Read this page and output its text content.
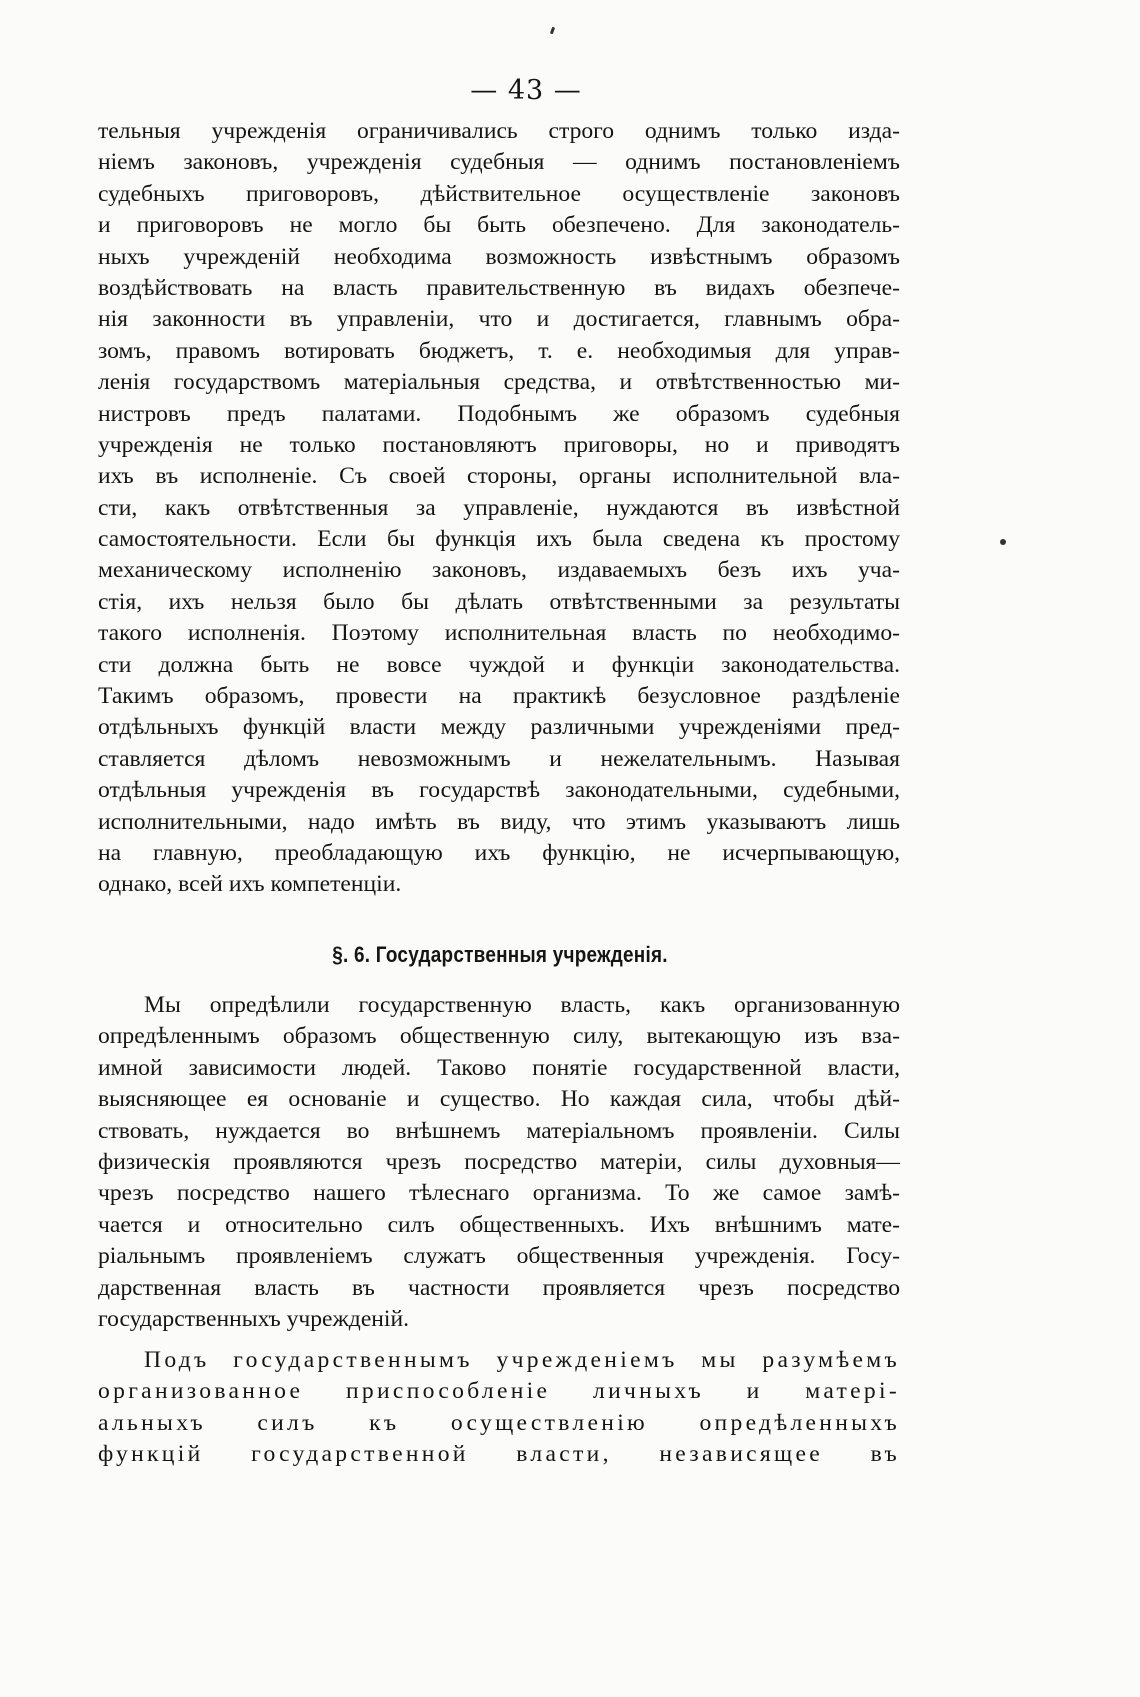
— 43 —
тельныя учрежденія ограничивались строго однимъ только изда-
ніемъ законовъ, учрежденія судебныя — однимъ постановленіемъ
судебныхъ приговоровъ, дѣйствительное осуществленіе законовъ
и приговоровъ не могло бы быть обезпечено. Для законодатель-
ныхъ учрежденій необходима возможность извѣстнымъ образомъ
воздѣйствовать на власть правительственную въ видахъ обезпече-
нія законности въ управленіи, что и достигается, главнымъ обра-
зомъ, правомъ вотировать бюджетъ, т. е. необходимыя для управ-
ленія государствомъ матеріальныя средства, и отвѣтственностью ми-
нистровъ предъ палатами. Подобнымъ же образомъ судебныя
учрежденія не только постановляютъ приговоры, но и приводятъ
ихъ въ исполненіе. Съ своей стороны, органы исполнительной вла-
сти, какъ отвѣтственныя за управленіе, нуждаются въ извѣстной
самостоятельности. Если бы функція ихъ была сведена къ простому
механическому исполненію законовъ, издаваемыхъ безъ ихъ уча-
стія, ихъ нельзя было бы дѣлать отвѣтственными за результаты
такого исполненія. Поэтому исполнительная власть по необходимо-
сти должна быть не вовсе чуждой и функціи законодательства.
Такимъ образомъ, провести на практикѣ безусловное раздѣленіе
отдѣльныхъ функцій власти между различными учрежденіями пред-
ставляется дѣломъ невозможнымъ и нежелательнымъ. Называя
отдѣльныя учрежденія въ государствѣ законодательными, судебными,
исполнительными, надо имѣть въ виду, что этимъ указываютъ лишь
на главную, преобладающую ихъ функцію, не исчерпывающую,
однако, всей ихъ компетенціи.
§. 6. Государственныя учрежденія.
Мы опредѣлили государственную власть, какъ организованную
опредѣленнымъ образомъ общественную силу, вытекающую изъ вза-
имной зависимости людей. Таково понятіе государственной власти,
выясняющее ея основаніе и существо. Но каждая сила, чтобы дѣй-
ствовать, нуждается во внѣшнемъ матеріальномъ проявленіи. Силы
физическія проявляются чрезъ посредство матеріи, силы духовныя—
чрезъ посредство нашего тѣлеснаго организма. То же самое замѣ-
чается и относительно силъ общественныхъ. Ихъ внѣшнимъ мате-
ріальнымъ проявленіемъ служатъ общественныя учрежденія. Госу-
дарственная власть въ частности проявляется чрезъ посредство
государственныхъ учрежденій.
Подъ государственнымъ учрежденіемъ мы разумѣемъ
организованное приспособленіе личныхъ и матері-
альныхъ силъ къ осуществленію опредѣленныхъ
функцій государственной власти, независящее въ
